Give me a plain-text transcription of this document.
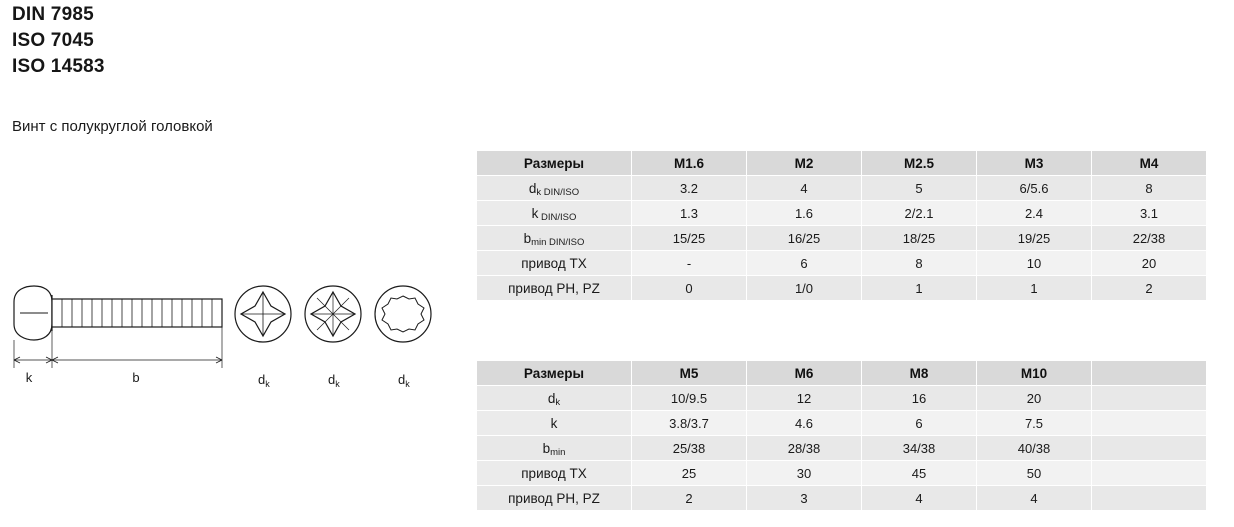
DIN 7985
ISO 7045
ISO 14583
Винт с полукруглой головкой
k	b	$d_k$	$d_k$	$d_k$
Размеры	M1.6	M2	M2.5	M3	M4
$d_k$ DIN/ISO	3.2	4	5	6/5.6	8
k DIN/ISO	1.3	1.6	2/2.1	2.4	3.1
$b_{min}$ DIN/ISO	15/25	16/25	18/25	19/25	22/38
привод TX	-	6	8	10	20
привод PH, PZ	0	1/0	1	1	2
Размеры	M5	M6	M8	M10	
$d_k$	10/9.5	12	16	20	
k	3.8/3.7	4.6	6	7.5	
$b_{min}$	25/38	28/38	34/38	40/38	
привод TX	25	30	45	50	
привод PH, PZ	2	3	4	4	
